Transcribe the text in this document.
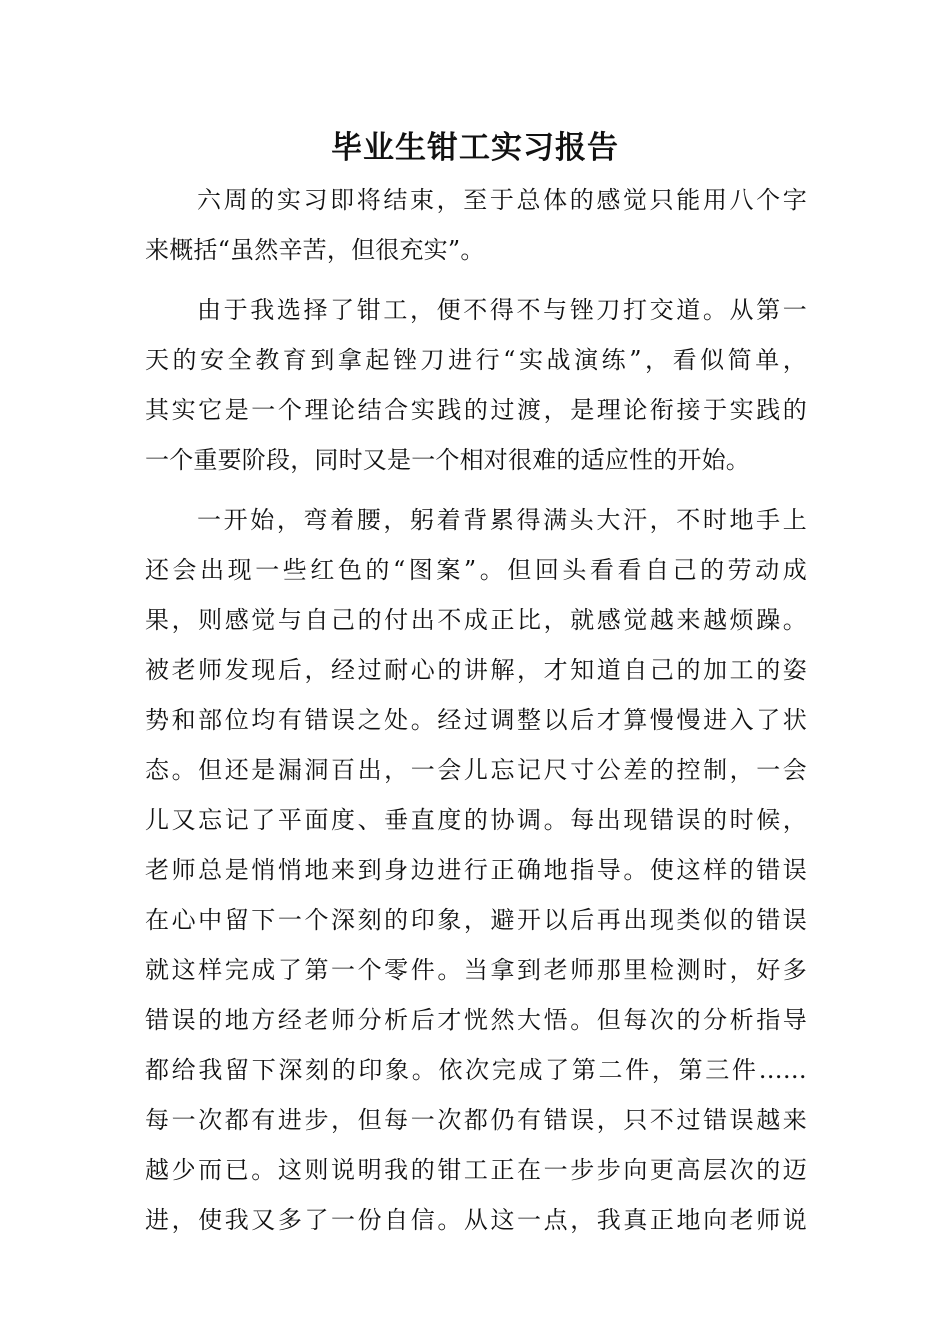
毕业生钳工实习报告
六周的实习即将结束，至于总体的感觉只能用八个字
来概括“虽然辛苦，但很充实”。
由于我选择了钳工，便不得不与锉刀打交道。从第一
天的安全教育到拿起锉刀进行“实战演练”，看似简单，
其实它是一个理论结合实践的过渡，是理论衔接于实践的
一个重要阶段，同时又是一个相对很难的适应性的开始。
一开始，弯着腰，躬着背累得满头大汗，不时地手上
还会出现一些红色的“图案”。但回头看看自己的劳动成
果，则感觉与自己的付出不成正比，就感觉越来越烦躁。
被老师发现后，经过耐心的讲解，才知道自己的加工的姿
势和部位均有错误之处。经过调整以后才算慢慢进入了状
态。但还是漏洞百出，一会儿忘记尺寸公差的控制，一会
儿又忘记了平面度、垂直度的协调。每出现错误的时候，
老师总是悄悄地来到身边进行正确地指导。使这样的错误
在心中留下一个深刻的印象，避开以后再出现类似的错误
就这样完成了第一个零件。当拿到老师那里检测时，好多
错误的地方经老师分析后才恍然大悟。但每次的分析指导
都给我留下深刻的印象。依次完成了第二件，第三件……
每一次都有进步，但每一次都仍有错误，只不过错误越来
越少而已。这则说明我的钳工正在一步步向更高层次的迈
进，使我又多了一份自信。从这一点，我真正地向老师说
